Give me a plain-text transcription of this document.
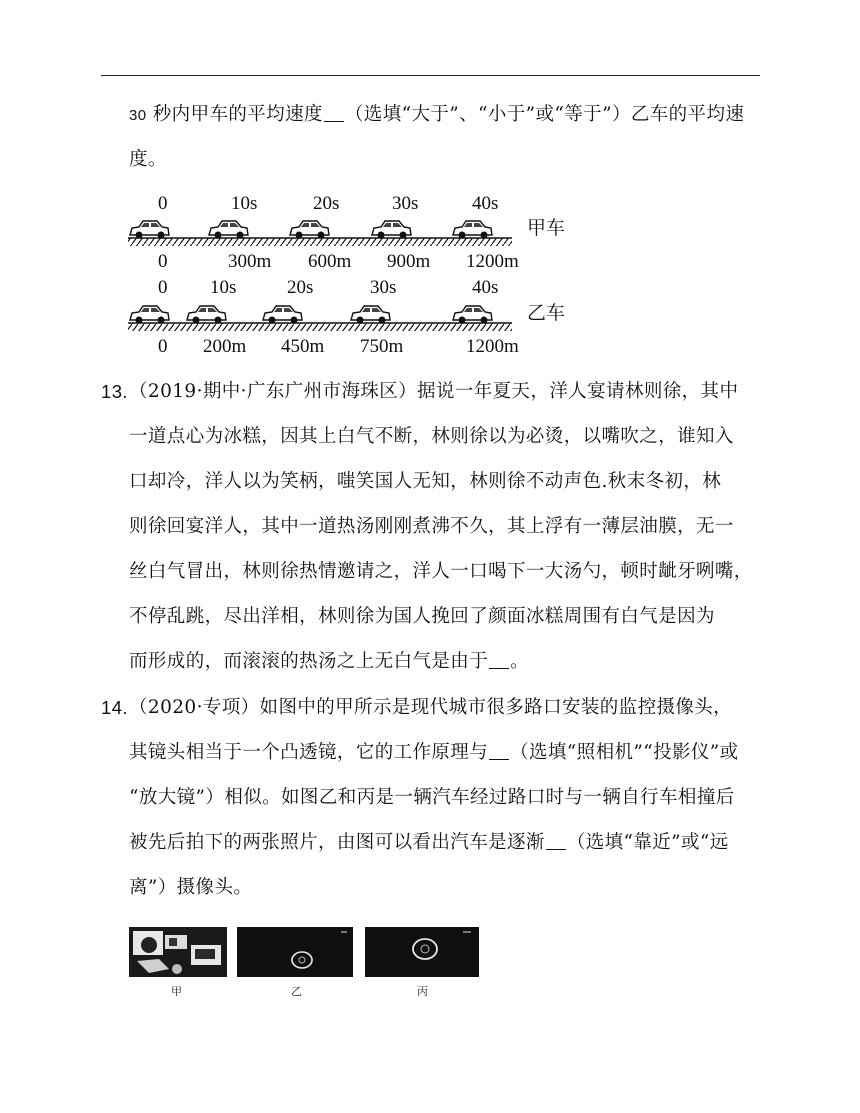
30 秒内甲车的平均速度 （选填“大于”、“小于”或“等于”）乙车的平均速
度。
0	10s	20s	30s	40s
甲车
0	300m 600m 900m 1200m
0 10s	20s	30s	40s
乙车
0 200m 450m 750m	1200m
13. （2019·期中·广东广州市海珠区）据说一年夏天，洋人宴请林则徐，其中
一道点心为冰糕，因其上白气不断，林则徐以为必烫，以嘴吹之，谁知入
口却冷，洋人以为笑柄，嗤笑国人无知，林则徐不动声色.秋末冬初，林
则徐回宴洋人，其中一道热汤刚刚煮沸不久，其上浮有一薄层油膜，无一
丝白气冒出，林则徐热情邀请之，洋人一口喝下一大汤勺，顿时龇牙咧嘴，
不停乱跳，尽出洋相，林则徐为国人挽回了颜面冰糕周围有白气是因为
而形成的，而滚滚的热汤之上无白气是由于 。
14. （2020·专项）如图中的甲所示是现代城市很多路口安装的监控摄像头，
其镜头相当于一个凸透镜，它的工作原理与 （选填“照相机”“投影仪”或
“放大镜”）相似。如图乙和丙是一辆汽车经过路口时与一辆自行车相撞后
被先后拍下的两张照片，由图可以看出汽车是逐渐 （选填“靠近”或“远
离”）摄像头。
甲	乙	丙
